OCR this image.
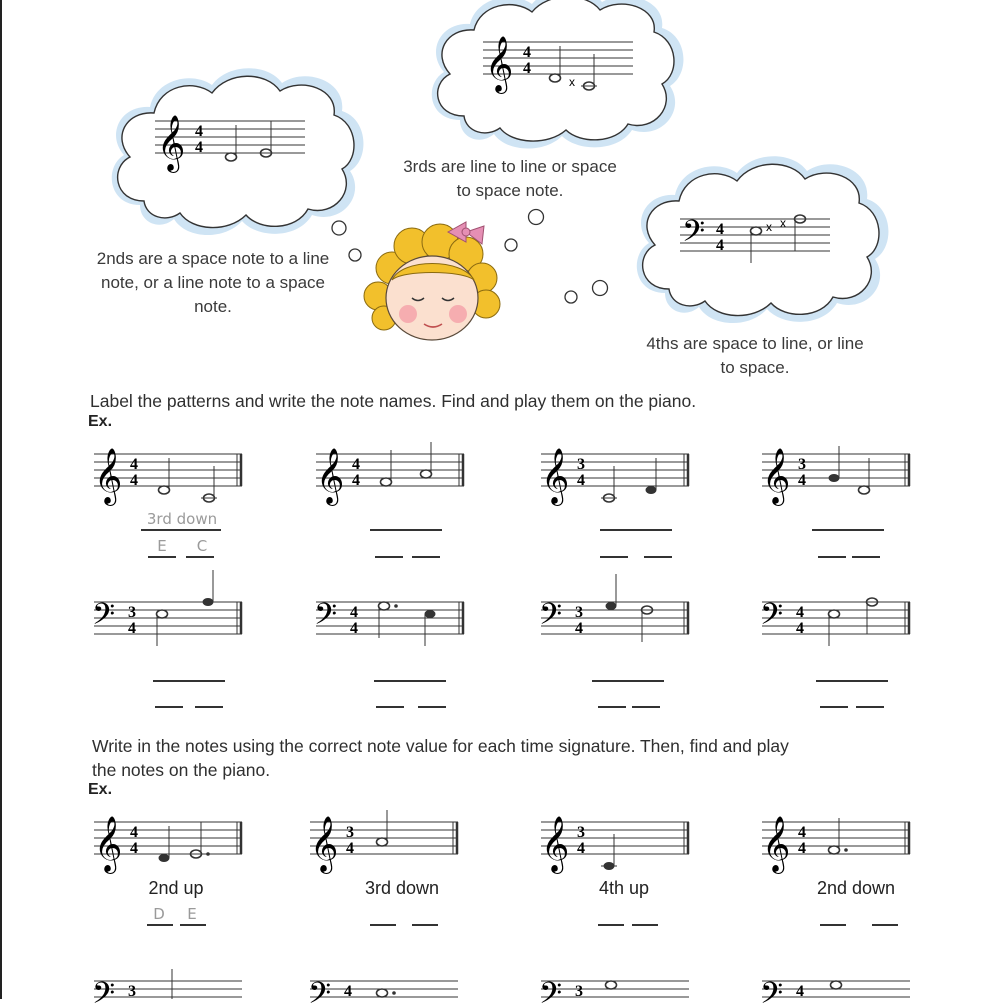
𝄞 4
4
2nds are a space note to a line note, or a line note to a space note.
𝄞 4
4
x
3rds are line to line or space to space note.
𝄢 4
4
x x
4ths are space to line, or line to space.
Label the patterns and write the note names. Find and play them on the piano.
Ex.
𝄞 4
4	𝄞 4
4	𝄞 3
4	𝄞 3
4
3rd down
E	C
𝄢 3
4	𝄢 4
4	𝄢 3
4	𝄢 4
4
Write in the notes using the correct note value for each time signature. Then, find and play
the notes on the piano.
Ex.
𝄞 4
4	𝄞 3
4	𝄞 3
4	𝄞 4
4
2nd up	3rd down	4th up	2nd down
D	E
𝄢 3	𝄢 4	𝄢 3	𝄢 4
